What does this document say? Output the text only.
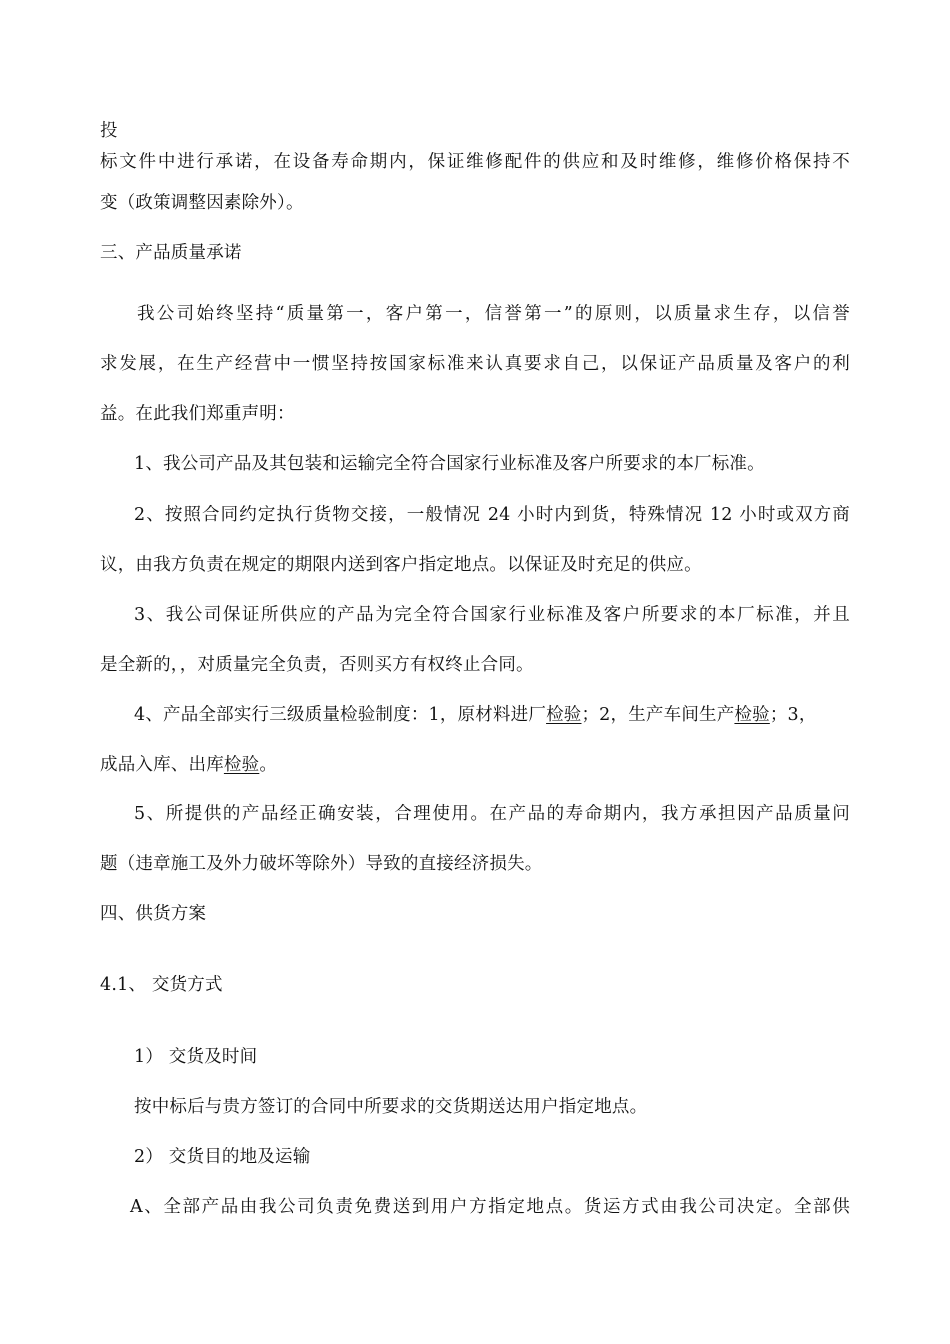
投

标文件中进行承诺，在设备寿命期内，保证维修配件的供应和及时维修，维修价格保持不

变（政策调整因素除外）。

三、产品质量承诺

我公司始终坚持“质量第一，客户第一，信誉第一”的原则，以质量求生存，以信誉

求发展，在生产经营中一惯坚持按国家标准来认真要求自己，以保证产品质量及客户的利

益。在此我们郑重声明：

1、我公司产品及其包装和运输完全符合国家行业标准及客户所要求的本厂标准。

2、按照合同约定执行货物交接，一般情况 24 小时内到货，特殊情况 12 小时或双方商

议，由我方负责在规定的期限内送到客户指定地点。以保证及时充足的供应。

3、我公司保证所供应的产品为完全符合国家行业标准及客户所要求的本厂标准，并且

是全新的，，对质量完全负责，否则买方有权终止合同。

4、产品全部实行三级质量检验制度：1，原材料进厂检验；2，生产车间生产检验；3，

成品入库、出库检验。

5、所提供的产品经正确安装，合理使用。在产品的寿命期内，我方承担因产品质量问

题（违章施工及外力破坏等除外）导致的直接经济损失。

四、供货方案

4.1、 交货方式

1） 交货及时间

按中标后与贵方签订的合同中所要求的交货期送达用户指定地点。

2） 交货目的地及运输

A、全部产品由我公司负责免费送到用户方指定地点。货运方式由我公司决定。全部供
